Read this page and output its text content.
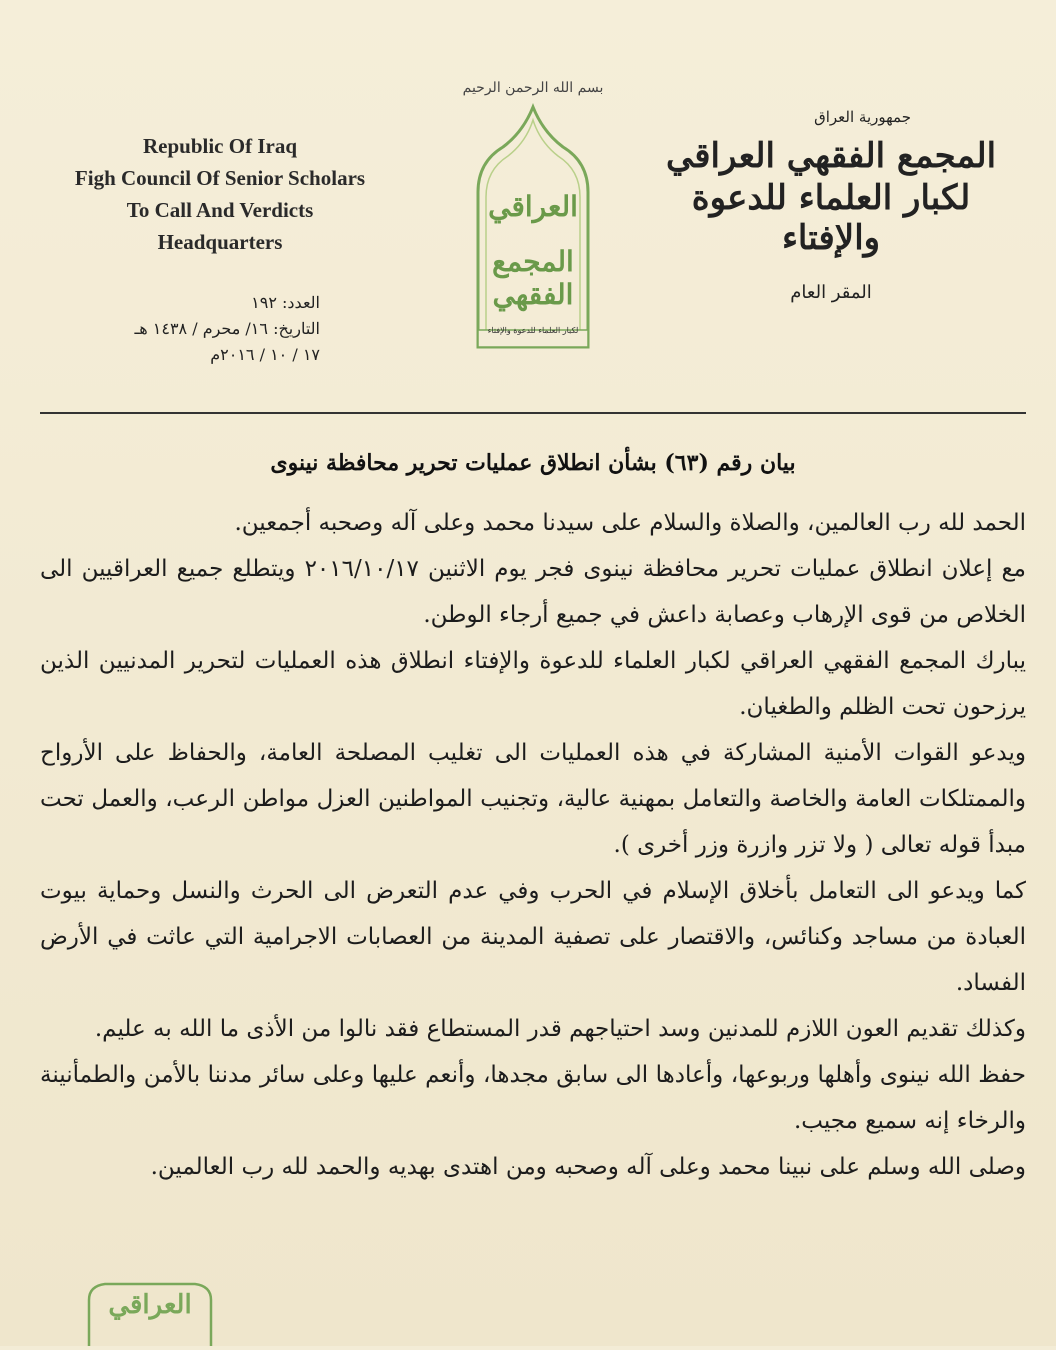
Republic Of Iraq
Figh Council Of Senior Scholars
To Call And Verdicts
Headquarters
بسم الله الرحمن الرحيم
العراقي
المجمع الفقهي
لكبار العلماء للدعوة والإفتاء
جمهورية العراق
المجمع الفقهي العراقي
لكبار العلماء للدعوة والإفتاء
المقر العام
العدد: ١٩٢
التاريخ: ١٦/ محرم / ١٤٣٨ هـ
١٧ / ١٠ / ٢٠١٦م
بيان رقم (٦٣) بشأن انطلاق عمليات تحرير محافظة نينوى

الحمد لله رب العالمين، والصلاة والسلام على سيدنا محمد وعلى آله وصحبه أجمعين.

مع إعلان انطلاق عمليات تحرير محافظة نينوى فجر يوم الاثنين ٢٠١٦/١٠/١٧ ويتطلع جميع العراقيين الى الخلاص من قوى الإرهاب وعصابة داعش في جميع أرجاء الوطن.

يبارك المجمع الفقهي العراقي لكبار العلماء للدعوة والإفتاء انطلاق هذه العمليات لتحرير المدنيين الذين يرزحون تحت الظلم والطغيان.

ويدعو القوات الأمنية المشاركة في هذه العمليات الى تغليب المصلحة العامة، والحفاظ على الأرواح والممتلكات العامة والخاصة والتعامل بمهنية عالية، وتجنيب المواطنين العزل مواطن الرعب، والعمل تحت مبدأ قوله تعالى ( ولا تزر وازرة وزر أخرى ).

كما ويدعو الى التعامل بأخلاق الإسلام في الحرب وفي عدم التعرض الى الحرث والنسل وحماية بيوت العبادة من مساجد وكنائس، والاقتصار على تصفية المدينة من العصابات الاجرامية التي عاثت في الأرض الفساد.

وكذلك تقديم العون اللازم للمدنين وسد احتياجهم قدر المستطاع فقد نالوا من الأذى ما الله به عليم.

حفظ الله نينوى وأهلها وربوعها، وأعادها الى سابق مجدها، وأنعم عليها وعلى سائر مدننا بالأمن والطمأنينة والرخاء إنه سميع مجيب.

وصلى الله وسلم على نبينا محمد وعلى آله وصحبه ومن اهتدى بهديه والحمد لله رب العالمين.

العراقي
